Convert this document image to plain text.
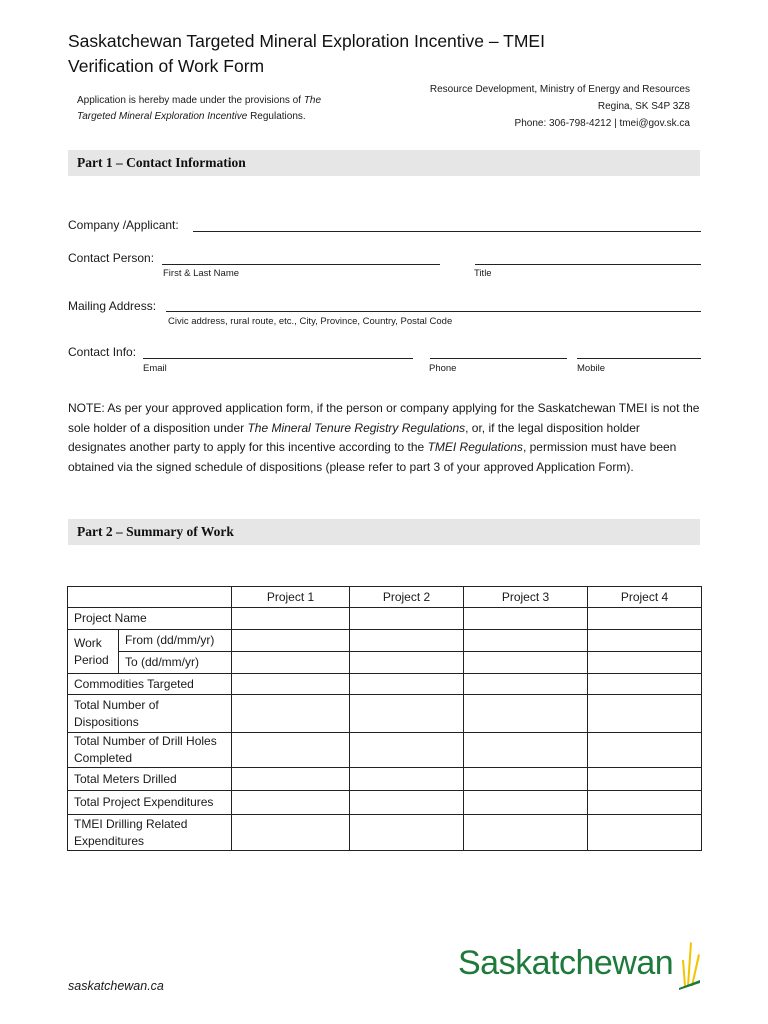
Saskatchewan Targeted Mineral Exploration Incentive – TMEI
Verification of Work Form
Application is hereby made under the provisions of The
Targeted Mineral Exploration Incentive Regulations.
Resource Development, Ministry of Energy and Resources
Regina, SK S4P 3Z8
Phone: 306-798-4212 | tmei@gov.sk.ca
Part 1 – Contact Information
Company /Applicant:
Contact Person:
First & Last Name	Title
Mailing Address:
Civic address, rural route, etc., City, Province, Country, Postal Code
Contact Info:
Email	Phone	Mobile
NOTE: As per your approved application form, if the person or company applying for the Saskatchewan TMEI is not the sole holder of a disposition under The Mineral Tenure Registry Regulations, or, if the legal disposition holder designates another party to apply for this incentive according to the TMEI Regulations, permission must have been obtained via the signed schedule of dispositions (please refer to part 3 of your approved Application Form).
Part 2 – Summary of Work
		Project 1	Project 2	Project 3	Project 4
Project Name					
Work Period	From (dd/mm/yr)				
	To (dd/mm/yr)				
Commodities Targeted					
Total Number of Dispositions					
Total Number of Drill Holes Completed					
Total Meters Drilled					
Total Project Expenditures					
TMEI Drilling Related Expenditures					
saskatchewan.ca
Saskatchewan
